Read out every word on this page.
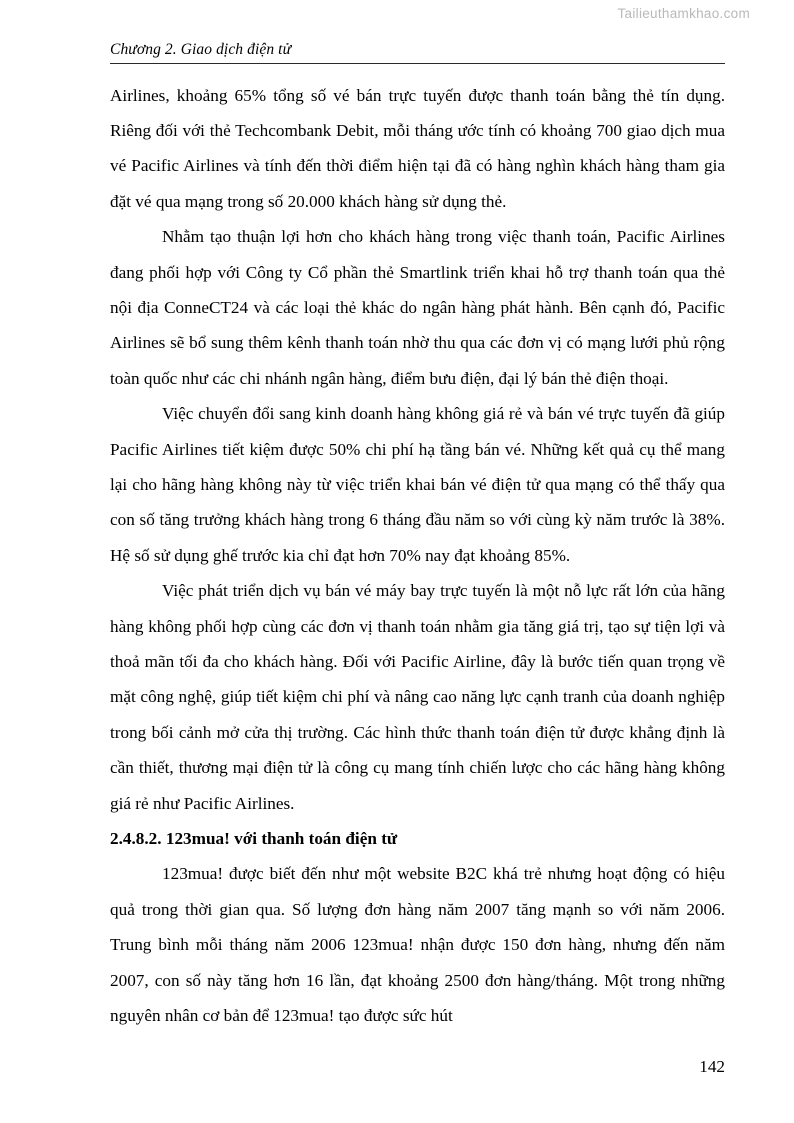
Tailieuthamkhao.com
Chương 2. Giao dịch điện tử

Airlines, khoảng 65% tổng số vé bán trực tuyến được thanh toán bằng thẻ tín dụng. Riêng đối với thẻ Techcombank Debit, mỗi tháng ước tính có khoảng 700 giao dịch mua vé Pacific Airlines và tính đến thời điểm hiện tại đã có hàng nghìn khách hàng tham gia đặt vé qua mạng trong số 20.000 khách hàng sử dụng thẻ.

Nhằm tạo thuận lợi hơn cho khách hàng trong việc thanh toán, Pacific Airlines đang phối hợp với Công ty Cổ phần thẻ Smartlink triển khai hỗ trợ thanh toán qua thẻ nội địa ConneCT24 và các loại thẻ khác do ngân hàng phát hành. Bên cạnh đó, Pacific Airlines sẽ bổ sung thêm kênh thanh toán nhờ thu qua các đơn vị có mạng lưới phủ rộng toàn quốc như các chi nhánh ngân hàng, điểm bưu điện, đại lý bán thẻ điện thoại.

Việc chuyển đổi sang kinh doanh hàng không giá rẻ và bán vé trực tuyến đã giúp Pacific Airlines tiết kiệm được 50% chi phí hạ tầng bán vé. Những kết quả cụ thể mang lại cho hãng hàng không này từ việc triển khai bán vé điện tử qua mạng có thể thấy qua con số tăng trưởng khách hàng trong 6 tháng đầu năm so với cùng kỳ năm trước là 38%. Hệ số sử dụng ghế trước kia chỉ đạt hơn 70% nay đạt khoảng 85%.

Việc phát triển dịch vụ bán vé máy bay trực tuyến là một nỗ lực rất lớn của hãng hàng không phối hợp cùng các đơn vị thanh toán nhằm gia tăng giá trị, tạo sự tiện lợi và thoả mãn tối đa cho khách hàng. Đối với Pacific Airline, đây là bước tiến quan trọng về mặt công nghệ, giúp tiết kiệm chi phí và nâng cao năng lực cạnh tranh của doanh nghiệp trong bối cảnh mở cửa thị trường. Các hình thức thanh toán điện tử được khẳng định là cần thiết, thương mại điện tử là công cụ mang tính chiến lược cho các hãng hàng không giá rẻ như Pacific Airlines.

2.4.8.2. 123mua! với thanh toán điện tử

123mua! được biết đến như một website B2C khá trẻ nhưng hoạt động có hiệu quả trong thời gian qua. Số lượng đơn hàng năm 2007 tăng mạnh so với năm 2006. Trung bình mỗi tháng năm 2006 123mua! nhận được 150 đơn hàng, nhưng đến năm 2007, con số này tăng hơn 16 lần, đạt khoảng 2500 đơn hàng/tháng. Một trong những nguyên nhân cơ bản để 123mua! tạo được sức hút

142
